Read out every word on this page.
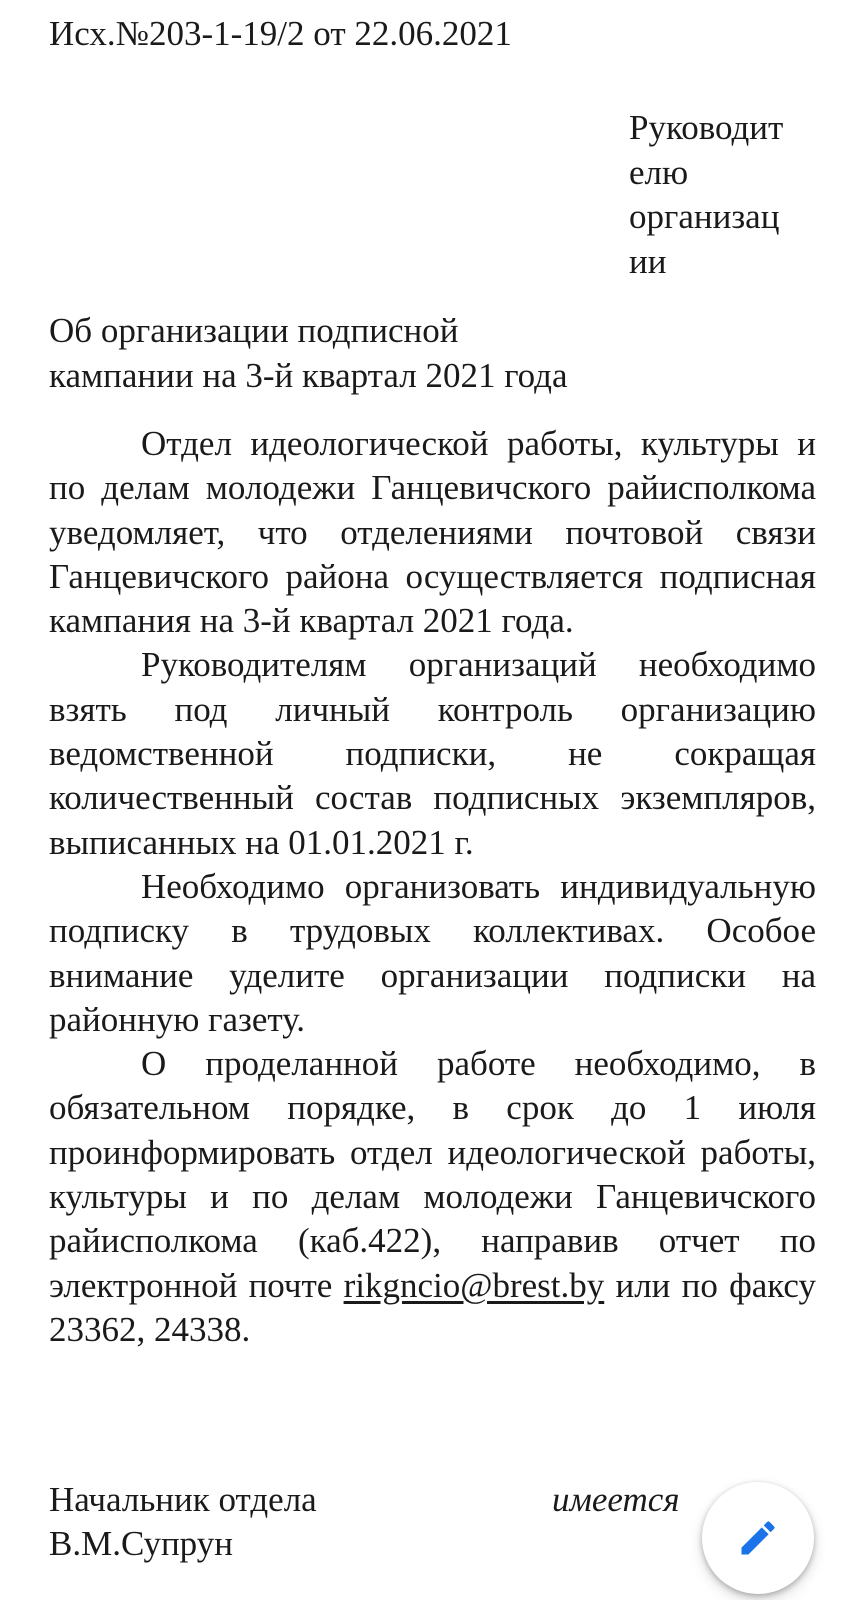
Исх.№203-1-19/2 от 22.06.2021
Руководит
елю
организац
ии
Об организации подписной
кампании на 3-й квартал 2021 года

Отдел идеологической работы, культуры и по делам молодежи Ганцевичского райисполкома уведомляет, что отделениями почтовой связи Ганцевичского района осуществляется подписная кампания на 3-й квартал 2021 года.

Руководителям организаций необходимо взять под личный контроль организацию ведомственной подписки, не сокращая количественный состав подписных экземпляров, выписанных на 01.01.2021 г.

Необходимо организовать индивидуальную подписку в трудовых коллективах. Особое внимание уделите организации подписки на районную газету.

О проделанной работе необходимо, в обязательном порядке, в срок до 1 июля проинформировать отдел идеологической работы, культуры и по делам молодежи Ганцевичского райисполкома (каб.422), направив отчет по электронной почте rikgncio@brest.by или по факсу 23362, 24338.

Начальник отдела	имеется
В.М.Супрун
